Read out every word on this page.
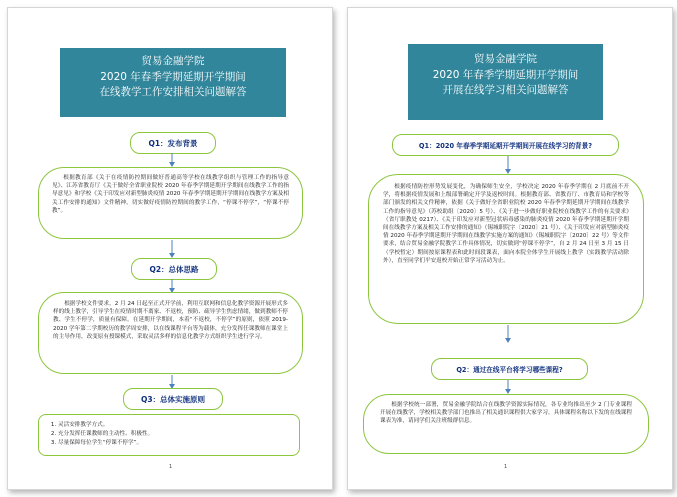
贸易金融学院
2020 年春季学期延期开学期间
在线教学工作安排相关问题解答
Q1：发布背景

根据教育部《关于在疫情防控期间做好普通高等学校在线教学组织与管理工作的指导意见》、江苏省教育厅《关于做好全省职业院校 2020 年春季学期延期开学期间在线教学工作的指导意见》和学校《关于印发应对新型肺炎疫情 2020 年春季学期延期开学期间在线教学方案及相关工作安排的通知》文件精神，切实做好疫情防控期间的教学工作，“停课不停学”，“停课不停教”。

Q2：总体思路

根据学校文件要求，2 月 24 日起至正式开学前，利用互联网和信息化教学资源开展形式多样的线上教学，引导学生在疫情时期不离家、不返校，预防、疏导学生焦虑情绪，做到教师不停教、学生不停学，质量有保障。在延期开学期间，本着“不返校，不停学”的原则，依照 2019-2020 学年第二学期校历的教学周安排，以在线课程平台等为载体，充分发挥任课教师在课堂上的主导作用，改变原有授课模式，采取灵活多样的信息化教学方式组织学生进行学习。

Q3：总体实施原则
1. 灵活安排教学方式。
2. 充分发挥任课教师的主动性、积极性。
3. 尽量保障每位学生“停课不停学”。
1
贸易金融学院
2020 年春季学期延期开学期间
开展在线学习相关问题解答
Q1：2020 年春季学期延期开学期间开展在线学习的背景?

根据疫情防控形势发展变化，为确保师生安全，学校决定 2020 年春季学期在 2 月底前不开学，将根据疫情发展和上级部署确定开学及返校时间。根据教育部、省教育厅、市教育局和学校等部门颁发的相关文件精神，依据《关于做好全省职业院校 2020 年春季学期延期开学期间在线教学工作的指导意见》（苏校助组〔2020〕5 号）、《关于进一步做好职业院校在线教学工作的有关要求》（省厅职教处 0217）、《关于印发应对新型冠状病毒感染的肺炎疫情 2020 年春季学期延期开学期间在线教学方案及相关工作安排的通知》（锡城职院字〔2020〕21 号）、《关于印发应对新型肺炎疫情 2020 年春季学期延期开学期间在线教学实施方案的通知》（锡城职院字〔2020〕22 号）等文件要求，结合贸易金融学院教学工作具体情况，切实做到“停课不停学”，自 2 月 24 日至 3 月 15 日（学校暂定）期间按原课程表和此时间段课表，面向本院全体学生开展线上教学（实践教学活动除外），直至同学们平安返校开始正常学习活动为止。

Q2：通过在线平台将学习哪些课程?

根据学校统一部署，贸易金融学院结合在线教学资源实际情况，各专业均推出至少 2 门专业课程开展在线教学，学校相关教学部门也推出了相关通识课程供大家学习。具体课程名称以下发的在线课程课表为准，请同学们关注班级群信息。

1
